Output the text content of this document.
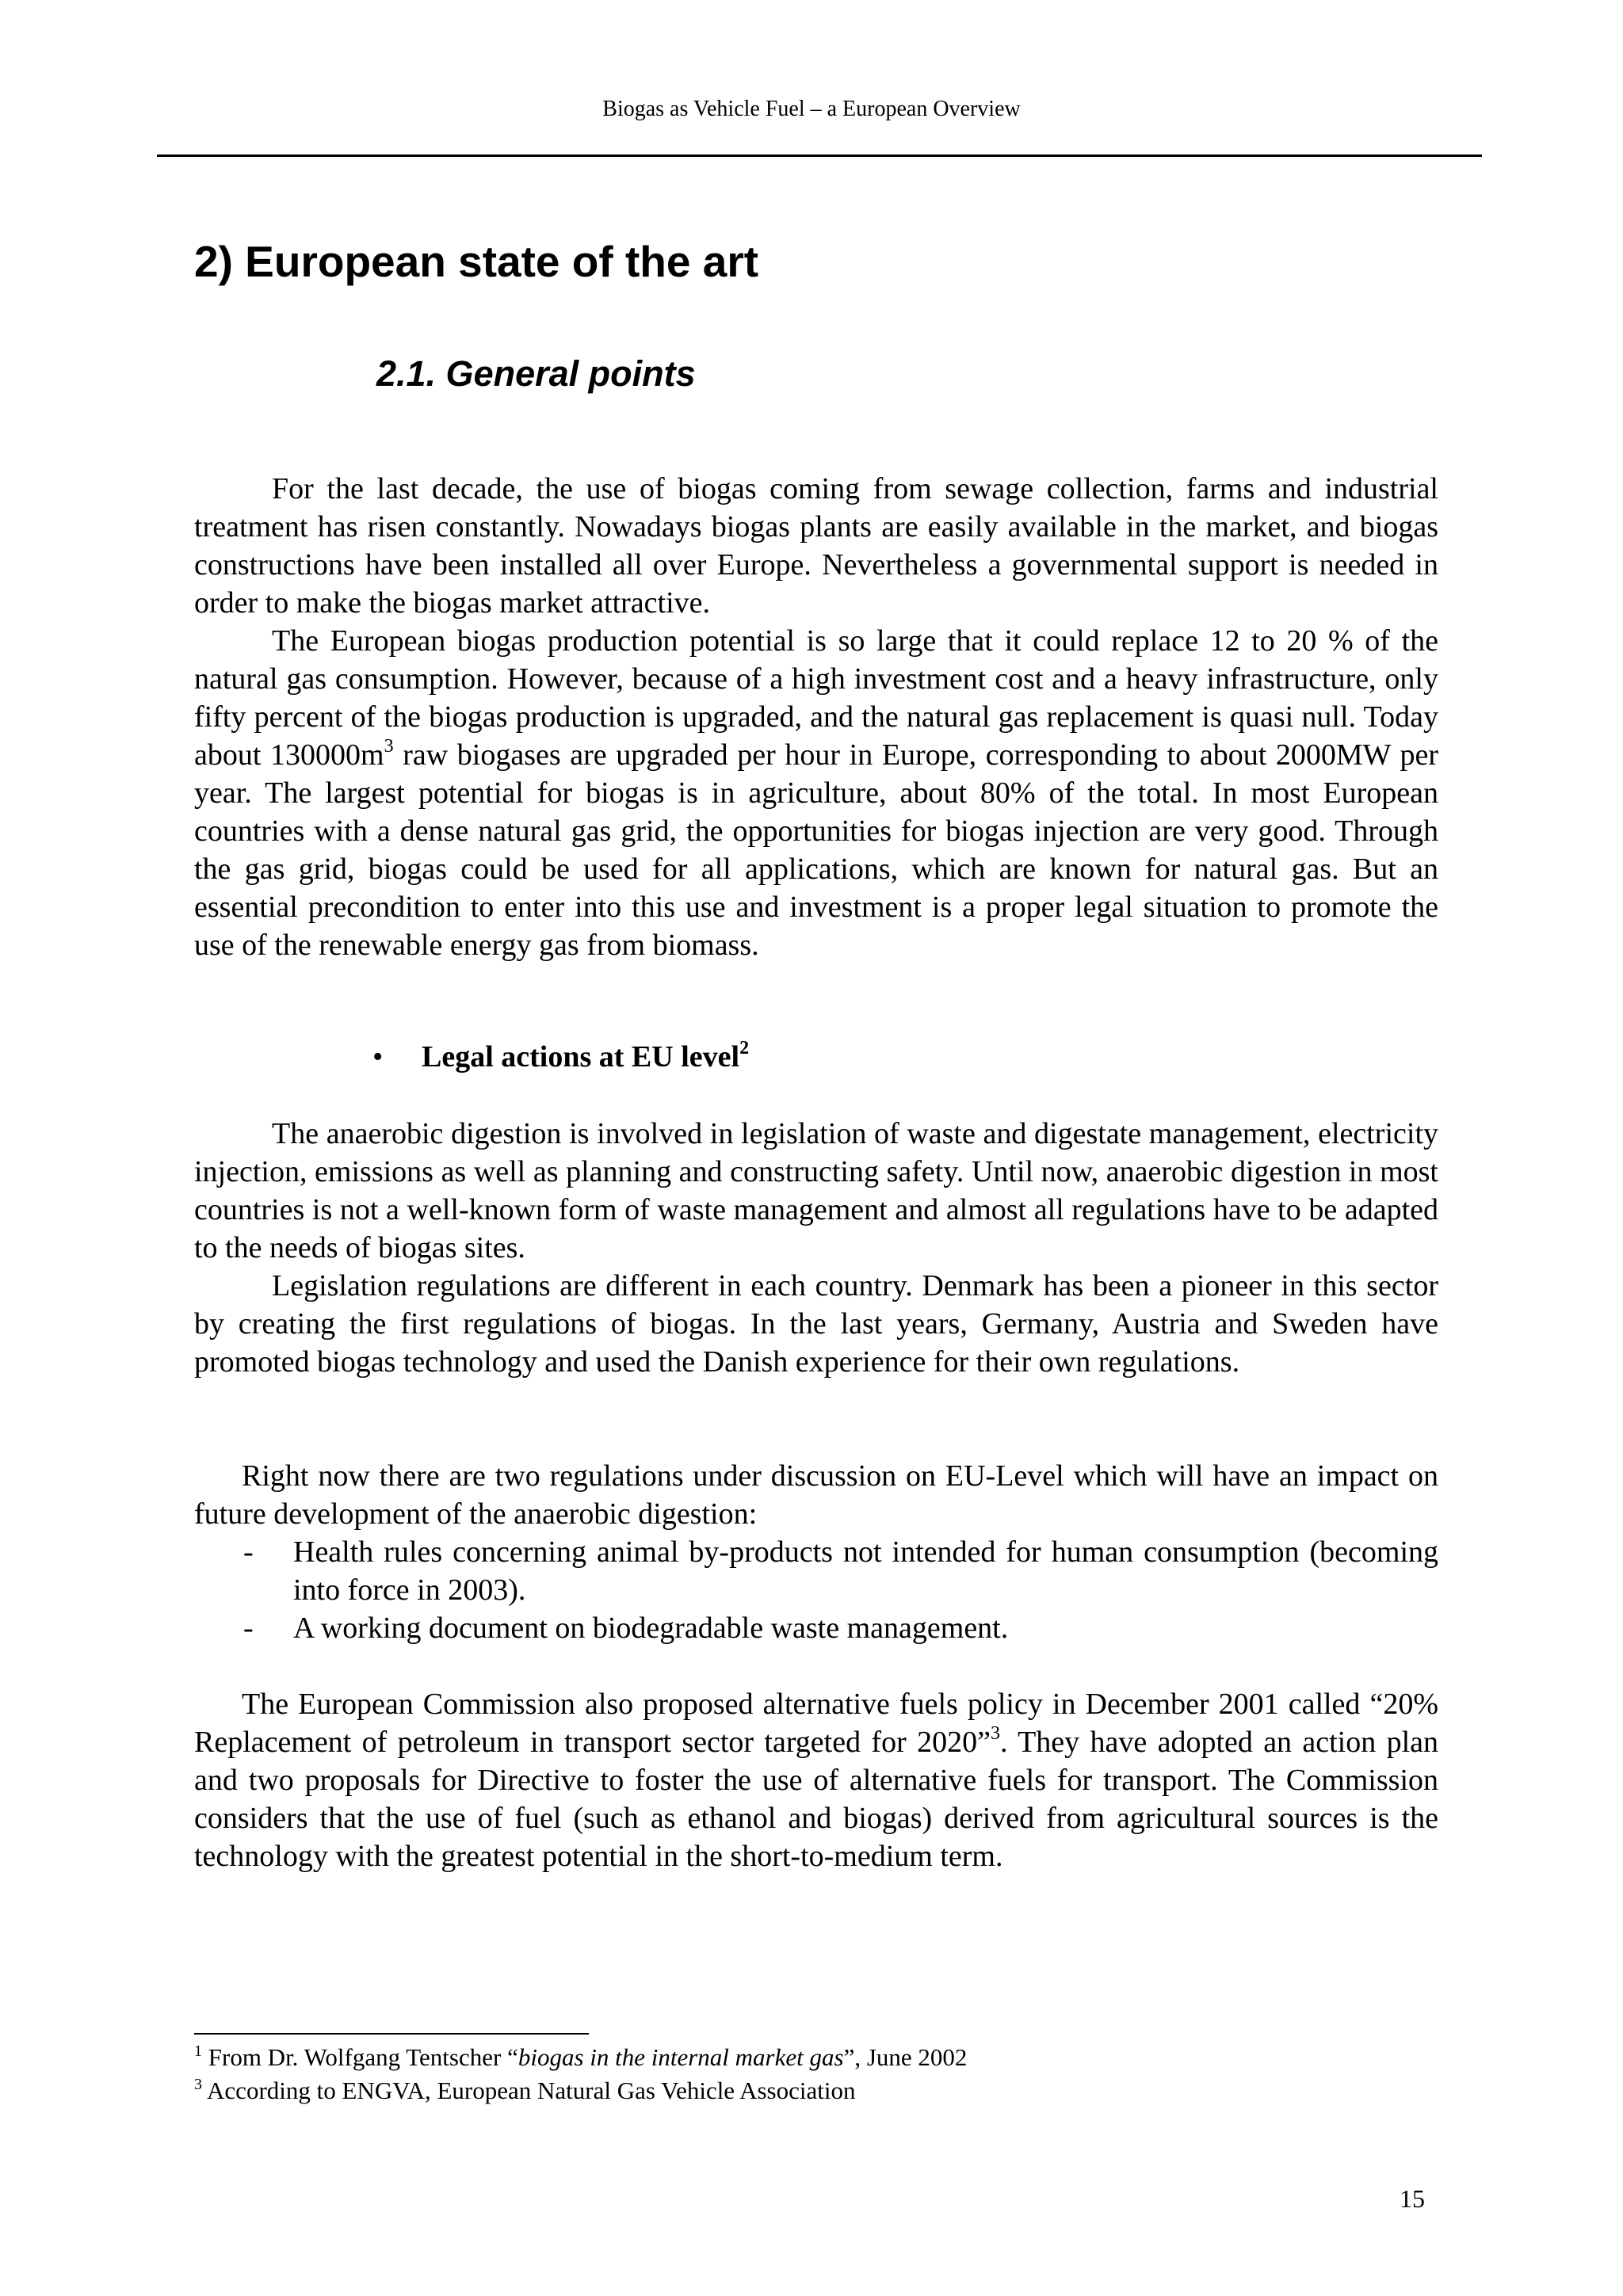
Biogas as Vehicle Fuel – a European Overview
2) European state of the art
2.1. General points

For the last decade, the use of biogas coming from sewage collection, farms and industrial treatment has risen constantly. Nowadays biogas plants are easily available in the market, and biogas constructions have been installed all over Europe. Nevertheless a governmental support is needed in order to make the biogas market attractive.

The European biogas production potential is so large that it could replace 12 to 20 % of the natural gas consumption. However, because of a high investment cost and a heavy infrastructure, only fifty percent of the biogas production is upgraded, and the natural gas replacement is quasi null. Today about $130000m^3$ raw biogases are upgraded per hour in Europe, corresponding to about 2000MW per year. The largest potential for biogas is in agriculture, about 80% of the total. In most European countries with a dense natural gas grid, the opportunities for biogas injection are very good. Through the gas grid, biogas could be used for all applications, which are known for natural gas. But an essential precondition to enter into this use and investment is a proper legal situation to promote the use of the renewable energy gas from biomass.

• Legal actions at EU level$^2$

The anaerobic digestion is involved in legislation of waste and digestate management, electricity injection, emissions as well as planning and constructing safety. Until now, anaerobic digestion in most countries is not a well-known form of waste management and almost all regulations have to be adapted to the needs of biogas sites.

Legislation regulations are different in each country. Denmark has been a pioneer in this sector by creating the first regulations of biogas. In the last years, Germany, Austria and Sweden have promoted biogas technology and used the Danish experience for their own regulations.

Right now there are two regulations under discussion on EU-Level which will have an impact on future development of the anaerobic digestion:

- Health rules concerning animal by-products not intended for human consumption (becoming into force in 2003).
- A working document on biodegradable waste management.

The European Commission also proposed alternative fuels policy in December 2001 called “20% Replacement of petroleum in transport sector targeted for 2020”$^3$. They have adopted an action plan and two proposals for Directive to foster the use of alternative fuels for transport. The Commission considers that the use of fuel (such as ethanol and biogas) derived from agricultural sources is the technology with the greatest potential in the short-to-medium term.

$^1$ From Dr. Wolfgang Tentscher “biogas in the internal market gas”, June 2002
$^3$ According to ENGVA, European Natural Gas Vehicle Association
15
